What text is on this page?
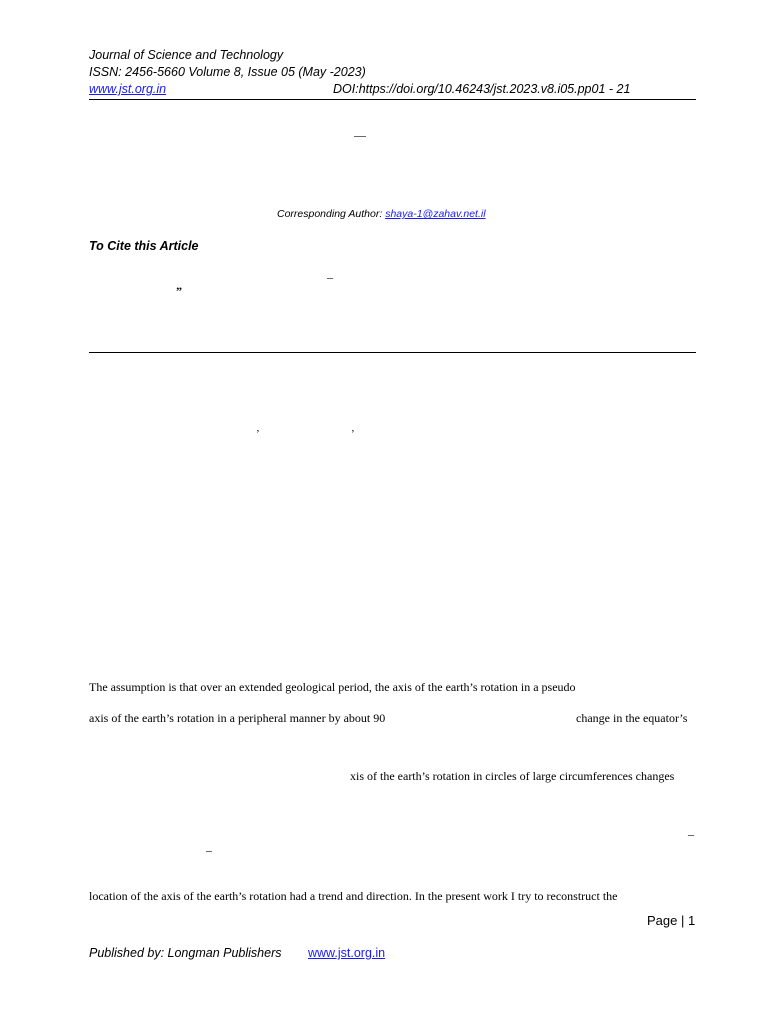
Journal of Science and Technology
ISSN: 2456-5660 Volume 8, Issue 05 (May -2023)
www.jst.org.in	DOI:https://doi.org/10.46243/jst.2023.v8.i05.pp01 - 21
—
Corresponding Author: shaya-1@zahav.net.il
To Cite this Article
–
”
’	’
The assumption is that over an extended geological period, the axis of the earth’s rotation in a pseudo
axis of the earth’s rotation in a peripheral manner by about 90	change in the equator’s
xis of the earth’s rotation in circles of large circumferences changes
–
–
location of the axis of the earth’s rotation had a trend and direction. In the present work I try to reconstruct the
Page | 1
Published by: Longman Publishers www.jst.org.in
